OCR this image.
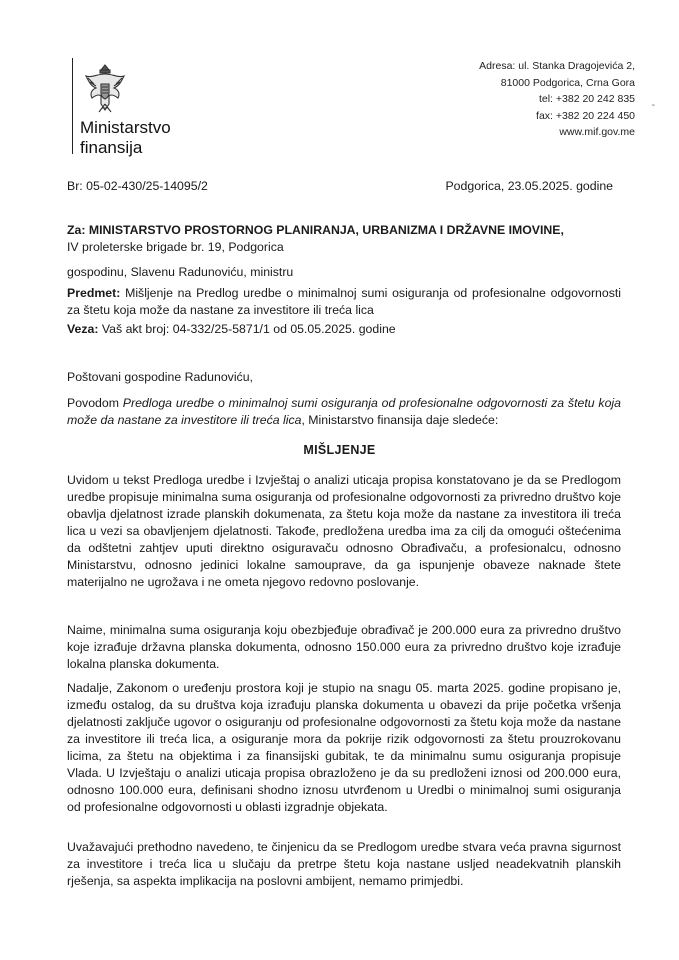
Ministarstvo
finansija
Adresa: ul. Stanka Dragojevića 2,
81000 Podgorica, Crna Gora
tel: +382 20 242 835
fax: +382 20 224 450
www.mif.gov.me
-
Br: 05-02-430/25-14095/2	Podgorica, 23.05.2025. godine
Za: MINISTARSTVO PROSTORNOG PLANIRANJA, URBANIZMA I DRŽAVNE IMOVINE,
IV proleterske brigade br. 19, Podgorica
gospodinu, Slavenu Radunoviću, ministru
Predmet: Mišljenje na Predlog uredbe o minimalnoj sumi osiguranja od profesionalne odgovornosti za štetu koja može da nastane za investitore ili treća lica
Veza: Vaš akt broj: 04-332/25-5871/1 od 05.05.2025. godine
Poštovani gospodine Radunoviću,
Povodom Predloga uredbe o minimalnoj sumi osiguranja od profesionalne odgovornosti za štetu koja može da nastane za investitore ili treća lica, Ministarstvo finansija daje sledeće:
MIŠLJENJE

Uvidom u tekst Predloga uredbe i Izvještaj o analizi uticaja propisa konstatovano je da se Predlogom uredbe propisuje minimalna suma osiguranja od profesionalne odgovornosti za privredno društvo koje obavlja djelatnost izrade planskih dokumenata, za štetu koja može da nastane za investitora ili treća lica u vezi sa obavljenjem djelatnosti. Takođe, predložena uredba ima za cilj da omogući oštećenima da odštetni zahtjev uputi direktno osiguravaču odnosno Obrađivaču, a profesionalcu, odnosno Ministarstvu, odnosno jedinici lokalne samouprave, da ga ispunjenje obaveze naknade štete materijalno ne ugrožava i ne ometa njegovo redovno poslovanje.

Naime, minimalna suma osiguranja koju obezbjeđuje obrađivač je 200.000 eura za privredno društvo koje izrađuje državna planska dokumenta, odnosno 150.000 eura za privredno društvo koje izrađuje lokalna planska dokumenta.

Nadalje, Zakonom o uređenju prostora koji je stupio na snagu 05. marta 2025. godine propisano je, između ostalog, da su društva koja izrađuju planska dokumenta u obavezi da prije početka vršenja djelatnosti zaključe ugovor o osiguranju od profesionalne odgovornosti za štetu koja može da nastane za investitore ili treća lica, a osiguranje mora da pokrije rizik odgovornosti za štetu prouzrokovanu licima, za štetu na objektima i za finansijski gubitak, te da minimalnu sumu osiguranja propisuje Vlada. U Izvještaju o analizi uticaja propisa obrazloženo je da su predloženi iznosi od 200.000 eura, odnosno 100.000 eura, definisani shodno iznosu utvrđenom u Uredbi o minimalnoj sumi osiguranja od profesionalne odgovornosti u oblasti izgradnje objekata.

Uvažavajući prethodno navedeno, te činjenicu da se Predlogom uredbe stvara veća pravna sigurnost za investitore i treća lica u slučaju da pretrpe štetu koja nastane usljed neadekvatnih planskih rješenja, sa aspekta implikacija na poslovni ambijent, nemamo primjedbi.
